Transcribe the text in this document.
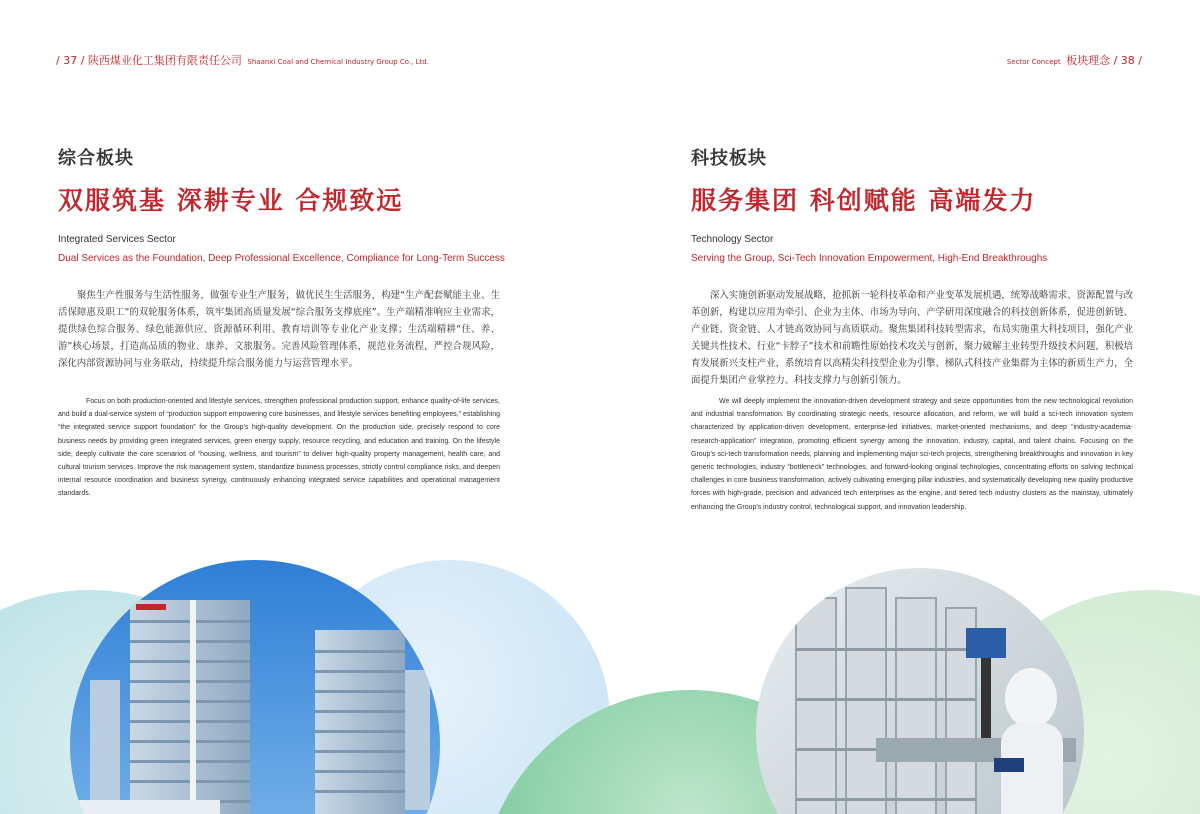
/ 37 / 陕西煤业化工集团有限责任公司 Shaanxi Coal and Chemical Industry Group Co., Ltd.	Sector Concept 板块理念 / 38 /
综合板块
双服筑基 深耕专业 合规致远
Integrated Services Sector
Dual Services as the Foundation, Deep Professional Excellence, Compliance for Long-Term Success
聚焦生产性服务与生活性服务，做强专业生产服务，做优民生生活服务，构建“生产配套赋能主业、生活保障惠及职工”的双轮服务体系，筑牢集团高质量发展“综合服务支撑底座”。生产端精准响应主业需求，提供绿色综合服务、绿色能源供应、资源循环利用、教育培训等专业化产业支撑；生活端精耕“住、养、游”核心场景，打造高品质的物业、康养、文旅服务。完善风险管理体系，规范业务流程，严控合规风险，深化内部资源协同与业务联动，持续提升综合服务能力与运营管理水平。
Focus on both production-oriented and lifestyle services, strengthen professional production support, enhance quality-of-life services, and build a dual-service system of “production support empowering core businesses, and lifestyle services benefiting employees,” establishing “the integrated service support foundation” for the Group's high-quality development. On the production side, precisely respond to core business needs by providing green integrated services, green energy supply, resource recycling, and education and training. On the lifestyle side, deeply cultivate the core scenarios of “housing, wellness, and tourism” to deliver high-quality property management, health care, and cultural tourism services. Improve the risk management system, standardize business processes, strictly control compliance risks, and deepen internal resource coordination and business synergy, continuously enhancing integrated service capabilities and operational management standards.
科技板块
服务集团 科创赋能 高端发力
Technology Sector
Serving the Group, Sci-Tech Innovation Empowerment, High-End Breakthroughs
深入实施创新驱动发展战略，抢抓新一轮科技革命和产业变革发展机遇，统筹战略需求、资源配置与改革创新，构建以应用为牵引、企业为主体、市场为导向、产学研用深度融合的科技创新体系，促进创新链、产业链、资金链、人才链高效协同与高质联动。聚焦集团科技转型需求，布局实施重大科技项目，强化产业关键共性技术、行业“卡脖子”技术和前瞻性原始技术攻关与创新，聚力破解主业转型升级技术问题，积极培育发展新兴支柱产业，系统培育以高精尖科技型企业为引擎、梯队式科技产业集群为主体的新质生产力，全面提升集团产业掌控力、科技支撑力与创新引领力。
We will deeply implement the innovation-driven development strategy and seize opportunities from the new technological revolution and industrial transformation. By coordinating strategic needs, resource allocation, and reform, we will build a sci-tech innovation system characterized by application-driven development, enterprise-led initiatives, market-oriented mechanisms, and deep “industry-academia-research-application” integration, promoting efficient synergy among the innovation, industry, capital, and talent chains. Focusing on the Group's sci-tech transformation needs, planning and implementing major sci-tech projects, strengthening breakthroughs and innovation in key generic technologies, industry “bottleneck” technologies, and forward-looking original technologies, concentrating efforts on solving technical challenges in core business transformation, actively cultivating emerging pillar industries, and systematically developing new quality productive forces with high-grade, precision and advanced tech enterprises as the engine, and tiered tech industry clusters as the mainstay, ultimately enhancing the Group's industry control, technological support, and innovation leadership.
